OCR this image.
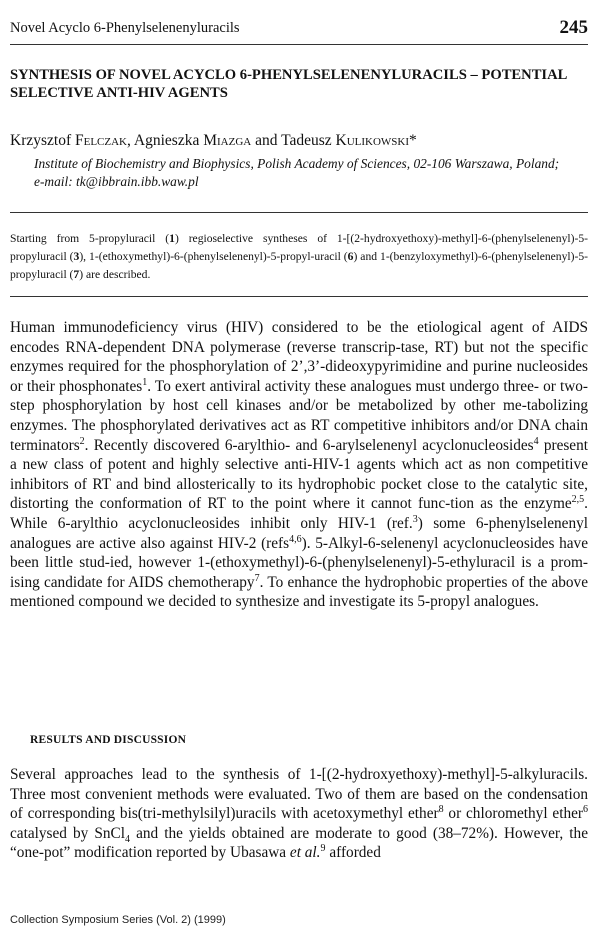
Novel Acyclo 6-Phenylselenenyluracils	245
SYNTHESIS OF NOVEL ACYCLO 6-PHENYLSELENENYLURACILS – POTENTIAL SELECTIVE ANTI-HIV AGENTS
Krzysztof Felczak, Agnieszka Miazga and Tadeusz Kulikowski*
Institute of Biochemistry and Biophysics, Polish Academy of Sciences, 02-106 Warszawa, Poland;
e-mail: tk@ibbrain.ibb.waw.pl
Starting from 5-propyluracil (1) regioselective syntheses of 1-[(2-hydroxyethoxy)-methyl]-6-(phenylselenenyl)-5-propyluracil (3), 1-(ethoxymethyl)-6-(phenylselenenyl)-5-propyl-uracil (6) and 1-(benzyloxymethyl)-6-(phenylselenenyl)-5-propyluracil (7) are described.

Human immunodeficiency virus (HIV) considered to be the etiological agent of AIDS encodes RNA-dependent DNA polymerase (reverse transcrip-tase, RT) but not the specific enzymes required for the phosphorylation of 2’,3’-dideoxypyrimidine and purine nucleosides or their phosphonates$^1$. To exert antiviral activity these analogues must undergo three- or two-step phosphorylation by host cell kinases and/or be metabolized by other me-tabolizing enzymes. The phosphorylated derivatives act as RT competitive inhibitors and/or DNA chain terminators$^2$. Recently discovered 6-arylthio- and 6-arylselenenyl acyclonucleosides$^4$ present a new class of potent and highly selective anti-HIV-1 agents which act as non competitive inhibitors of RT and bind allosterically to its hydrophobic pocket close to the catalytic site, distorting the conformation of RT to the point where it cannot func-tion as the enzyme$^{2,5}$. While 6-arylthio acyclonucleosides inhibit only HIV-1 (ref.$^3$) some 6-phenylselenenyl analogues are active also against HIV-2 (refs$^{4,6}$). 5-Alkyl-6-selenenyl acyclonucleosides have been little stud-ied, however 1-(ethoxymethyl)-6-(phenylselenenyl)-5-ethyluracil is a prom-ising candidate for AIDS chemotherapy$^7$. To enhance the hydrophobic properties of the above mentioned compound we decided to synthesize and investigate its 5-propyl analogues.

RESULTS AND DISCUSSION

Several approaches lead to the synthesis of 1-[(2-hydroxyethoxy)-methyl]-5-alkyluracils. Three most convenient methods were evaluated. Two of them are based on the condensation of corresponding bis(tri-methylsilyl)uracils with acetoxymethyl ether$^8$ or chloromethyl ether$^6$ catalysed by SnCl$_4$ and the yields obtained are moderate to good (38–72%). However, the “one-pot” modification reported by Ubasawa et al.$^9$ afforded

Collection Symposium Series (Vol. 2) (1999)
